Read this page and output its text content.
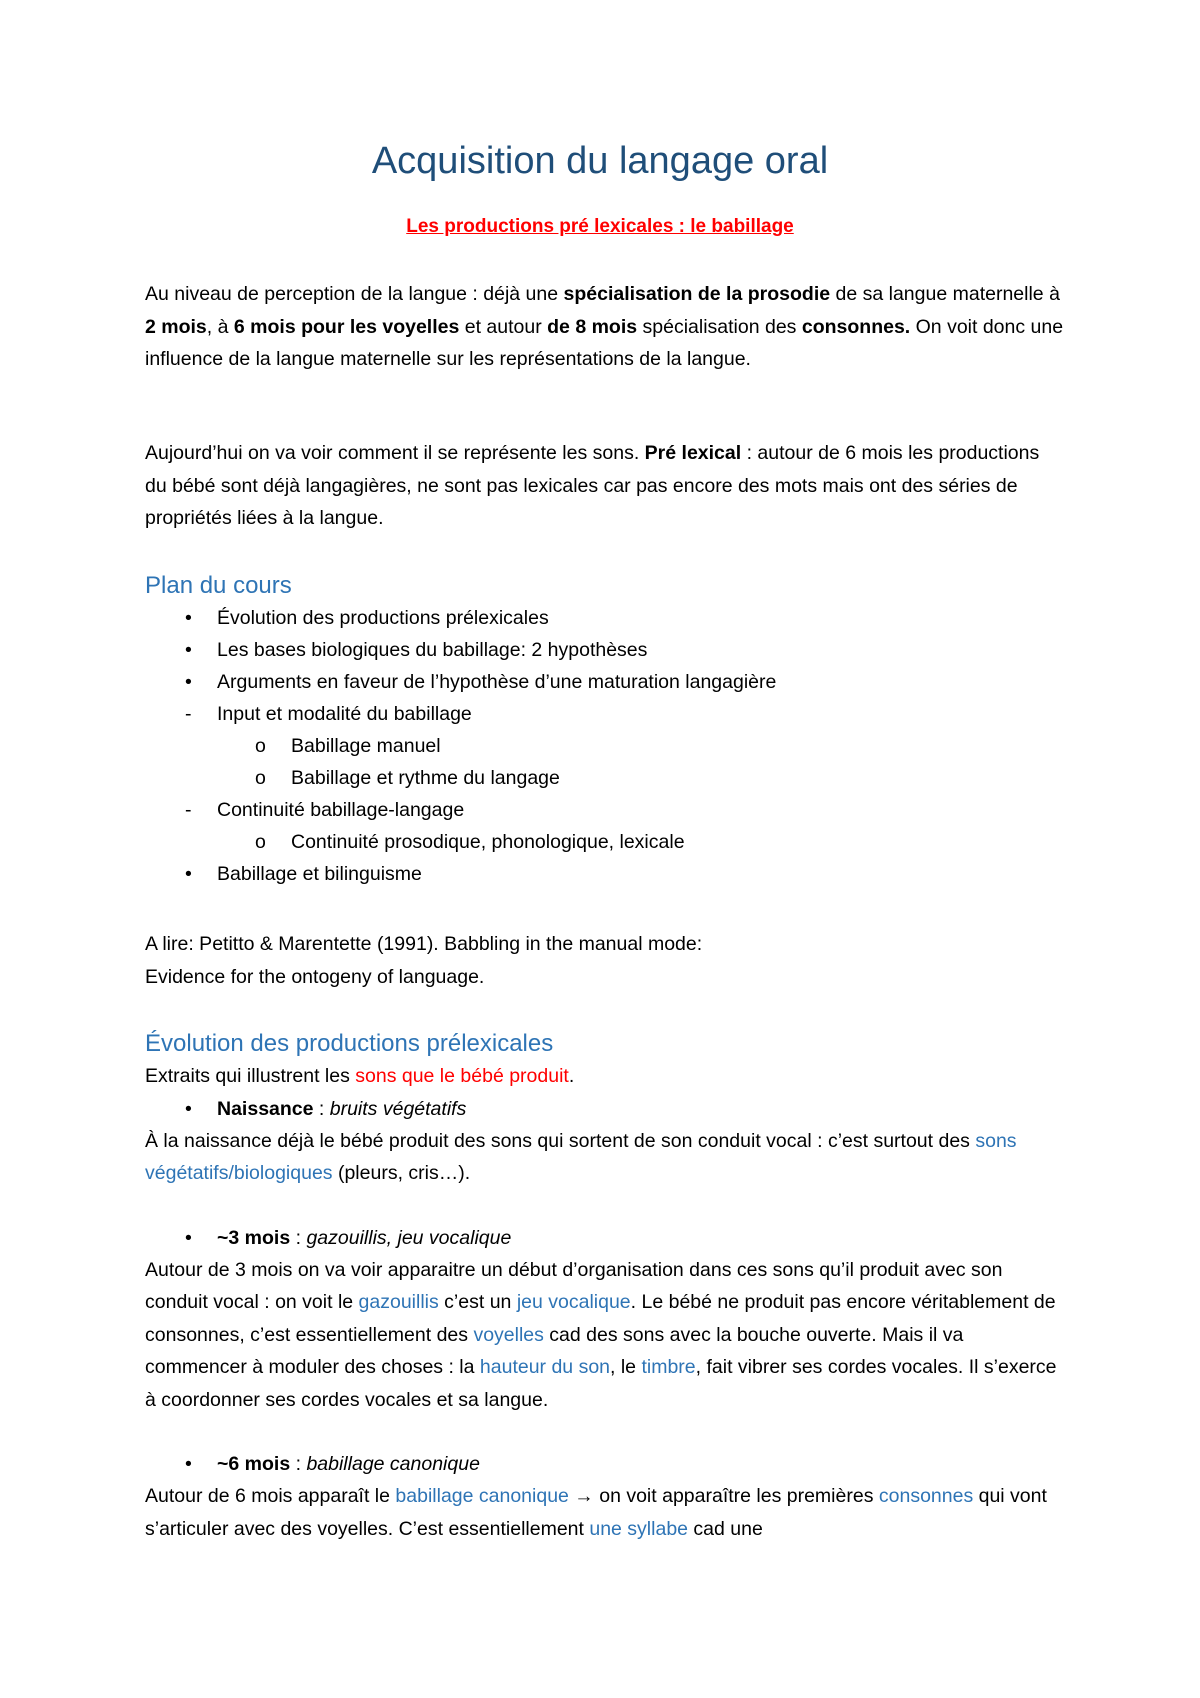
Acquisition du langage oral
Les productions pré lexicales : le babillage

Au niveau de perception de la langue : déjà une spécialisation de la prosodie de sa langue maternelle à 2 mois, à 6 mois pour les voyelles et autour de 8 mois spécialisation des consonnes. On voit donc une influence de la langue maternelle sur les représentations de la langue.

Aujourd’hui on va voir comment il se représente les sons. Pré lexical : autour de 6 mois les productions du bébé sont déjà langagières, ne sont pas lexicales car pas encore des mots mais ont des séries de propriétés liées à la langue.

Plan du cours
•	Évolution des productions prélexicales
•	Les bases biologiques du babillage: 2 hypothèses
•	Arguments en faveur de l’hypothèse d’une maturation langagière
-	Input et modalité du babillage
o	Babillage manuel
o	Babillage et rythme du langage
-	Continuité babillage-langage
o	Continuité prosodique, phonologique, lexicale
•	Babillage et bilinguisme

A lire: Petitto & Marentette (1991). Babbling in the manual mode:

Evidence for the ontogeny of language.

Évolution des productions prélexicales

Extraits qui illustrent les sons que le bébé produit.

• Naissance : bruits végétatifs

À la naissance déjà le bébé produit des sons qui sortent de son conduit vocal : c’est surtout des sons végétatifs/biologiques (pleurs, cris…).

• ~3 mois : gazouillis, jeu vocalique

Autour de 3 mois on va voir apparaitre un début d’organisation dans ces sons qu’il produit avec son conduit vocal : on voit le gazouillis c’est un jeu vocalique. Le bébé ne produit pas encore véritablement de consonnes, c’est essentiellement des voyelles cad des sons avec la bouche ouverte. Mais il va commencer à moduler des choses : la hauteur du son, le timbre, fait vibrer ses cordes vocales. Il s’exerce à coordonner ses cordes vocales et sa langue.

• ~6 mois : babillage canonique

Autour de 6 mois apparaît le babillage canonique → on voit apparaître les premières consonnes qui vont s’articuler avec des voyelles. C’est essentiellement une syllabe cad une
